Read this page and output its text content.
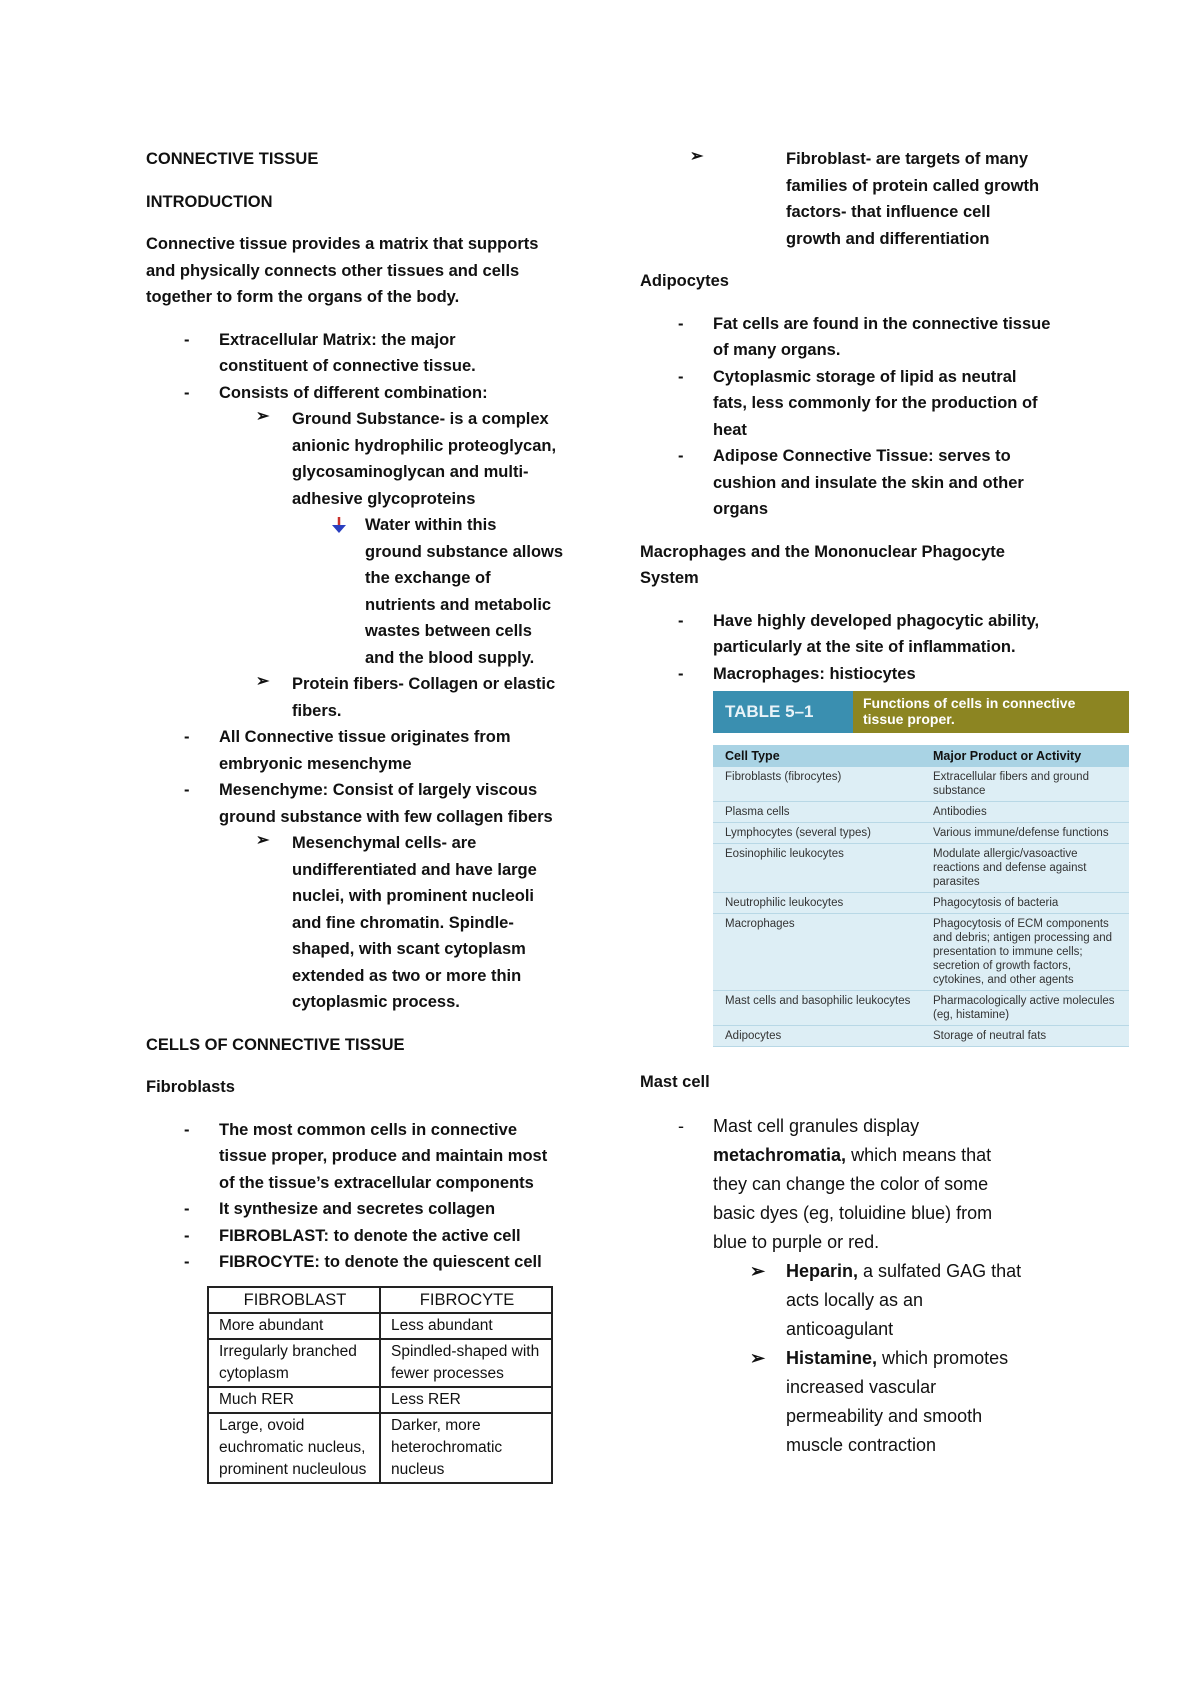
CONNECTIVE TISSUE

INTRODUCTION

Connective tissue provides a matrix that supports

and physically connects other tissues and cells

together to form the organs of the body.

-	Extracellular Matrix: the major

constituent of connective tissue.

-	Consists of different combination:

➢	Ground Substance- is a complex

anionic hydrophilic proteoglycan,

glycosaminoglycan and multi-

adhesive glycoproteins

Water within this

ground substance allows

the exchange of

nutrients and metabolic

wastes between cells

and the blood supply.

➢	Protein fibers- Collagen or elastic

fibers.

-	All Connective tissue originates from

embryonic mesenchyme

-	Mesenchyme: Consist of largely viscous

ground substance with few collagen fibers

➢	Mesenchymal cells- are

undifferentiated and have large

nuclei, with prominent nucleoli

and fine chromatin. Spindle-

shaped, with scant cytoplasm

extended as two or more thin

cytoplasmic process.

CELLS OF CONNECTIVE TISSUE

Fibroblasts

-	The most common cells in connective

tissue proper, produce and maintain most

of the tissue’s extracellular components

-	It synthesize and secretes collagen

-	FIBROBLAST: to denote the active cell

-	FIBROCYTE: to denote the quiescent cell

FIBROBLAST	FIBROCYTE
More abundant	Less abundant
Irregularly branched cytoplasm	Spindled-shaped with fewer processes
Much RER	Less RER
Large, ovoid euchromatic nucleus, prominent nucleulous	Darker, more heterochromatic nucleus
➢	Fibroblast- are targets of many

families of protein called growth

factors- that influence cell

growth and differentiation

Adipocytes

-	Fat cells are found in the connective tissue

of many organs.

-	Cytoplasmic storage of lipid as neutral

fats, less commonly for the production of

heat

-	Adipose Connective Tissue: serves to

cushion and insulate the skin and other

organs

Macrophages and the Mononuclear Phagocyte

System

-	Have highly developed phagocytic ability,

particularly at the site of inflammation.

-	Macrophages: histiocytes

TABLE 5–1	Functions of cells in connective tissue proper.
Cell Type	Major Product or Activity
Fibroblasts (fibrocytes)	Extracellular fibers and ground substance
Plasma cells	Antibodies
Lymphocytes (several types)	Various immune/defense functions
Eosinophilic leukocytes	Modulate allergic/vasoactive reactions and defense against parasites
Neutrophilic leukocytes	Phagocytosis of bacteria
Macrophages	Phagocytosis of ECM components and debris; antigen processing and presentation to immune cells; secretion of growth factors, cytokines, and other agents
Mast cells and basophilic leukocytes	Pharmacologically active molecules (eg, histamine)
Adipocytes	Storage of neutral fats

Mast cell

-	Mast cell granules display

metachromatia, which means that

they can change the color of some

basic dyes (eg, toluidine blue) from

blue to purple or red.

➢	Heparin, a sulfated GAG that

acts locally as an

anticoagulant

➢	Histamine, which promotes

increased vascular

permeability and smooth

muscle contraction
